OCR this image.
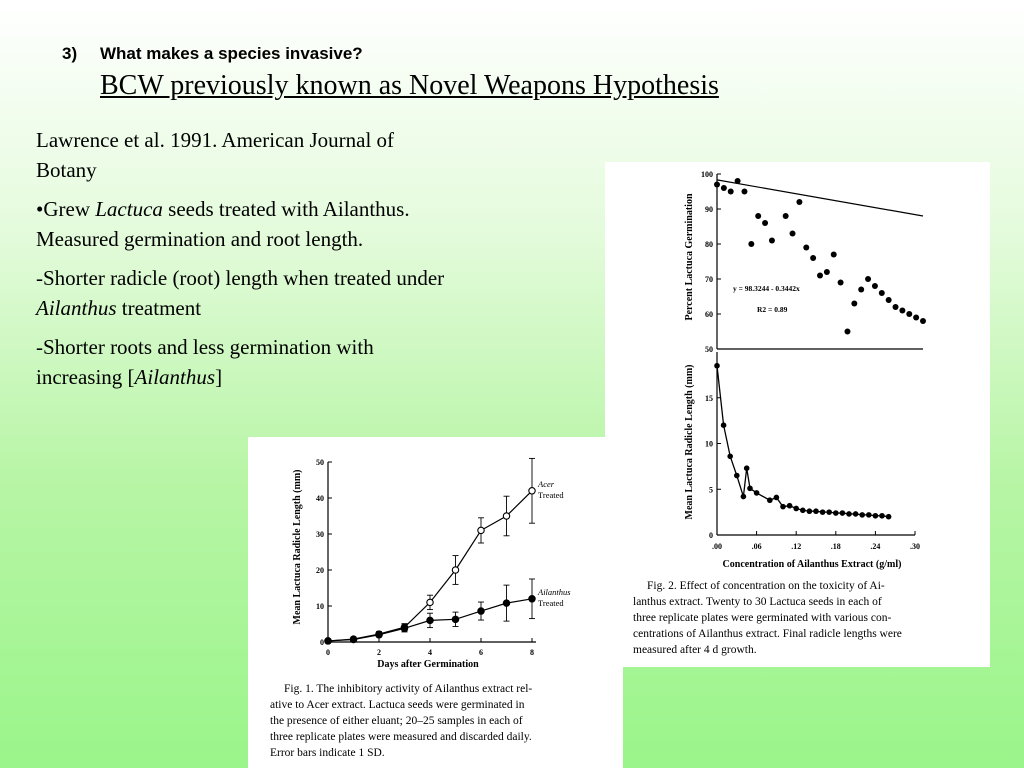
3) What makes a species invasive?
BCW previously known as Novel Weapons Hypothesis

Lawrence et al. 1991. American Journal of Botany

•Grew Lactuca seeds treated with Ailanthus. Measured germination and root length.

-Shorter radicle (root) length when treated under Ailanthus treatment

-Shorter roots and less germination with increasing [Ailanthus]

50
60
70
80
90
100
0
5
10
15
.00	.06	.12	.18	.24	.30
y = 98.3244 - 0.3442x
R2 = 0.89
Percent Lactuca Germination
Mean Lactuca Radicle Length (mm)
Concentration of Ailanthus Extract (g/ml)
Fig. 2. Effect of concentration on the toxicity of Ai-
lanthus extract. Twenty to 30 Lactuca seeds in each of
three replicate plates were germinated with various con-
centrations of Ailanthus extract. Final radicle lengths were
measured after 4 d growth.
0
10
20
30
40
50
0	2	4	6	8
Mean Lactuca Radicle Length (mm)
Days after Germination
Acer
Treated
Ailanthus
Treated
Fig. 1. The inhibitory activity of Ailanthus extract rel-
ative to Acer extract. Lactuca seeds were germinated in
the presence of either eluant; 20–25 samples in each of
three replicate plates were measured and discarded daily.
Error bars indicate 1 SD.
